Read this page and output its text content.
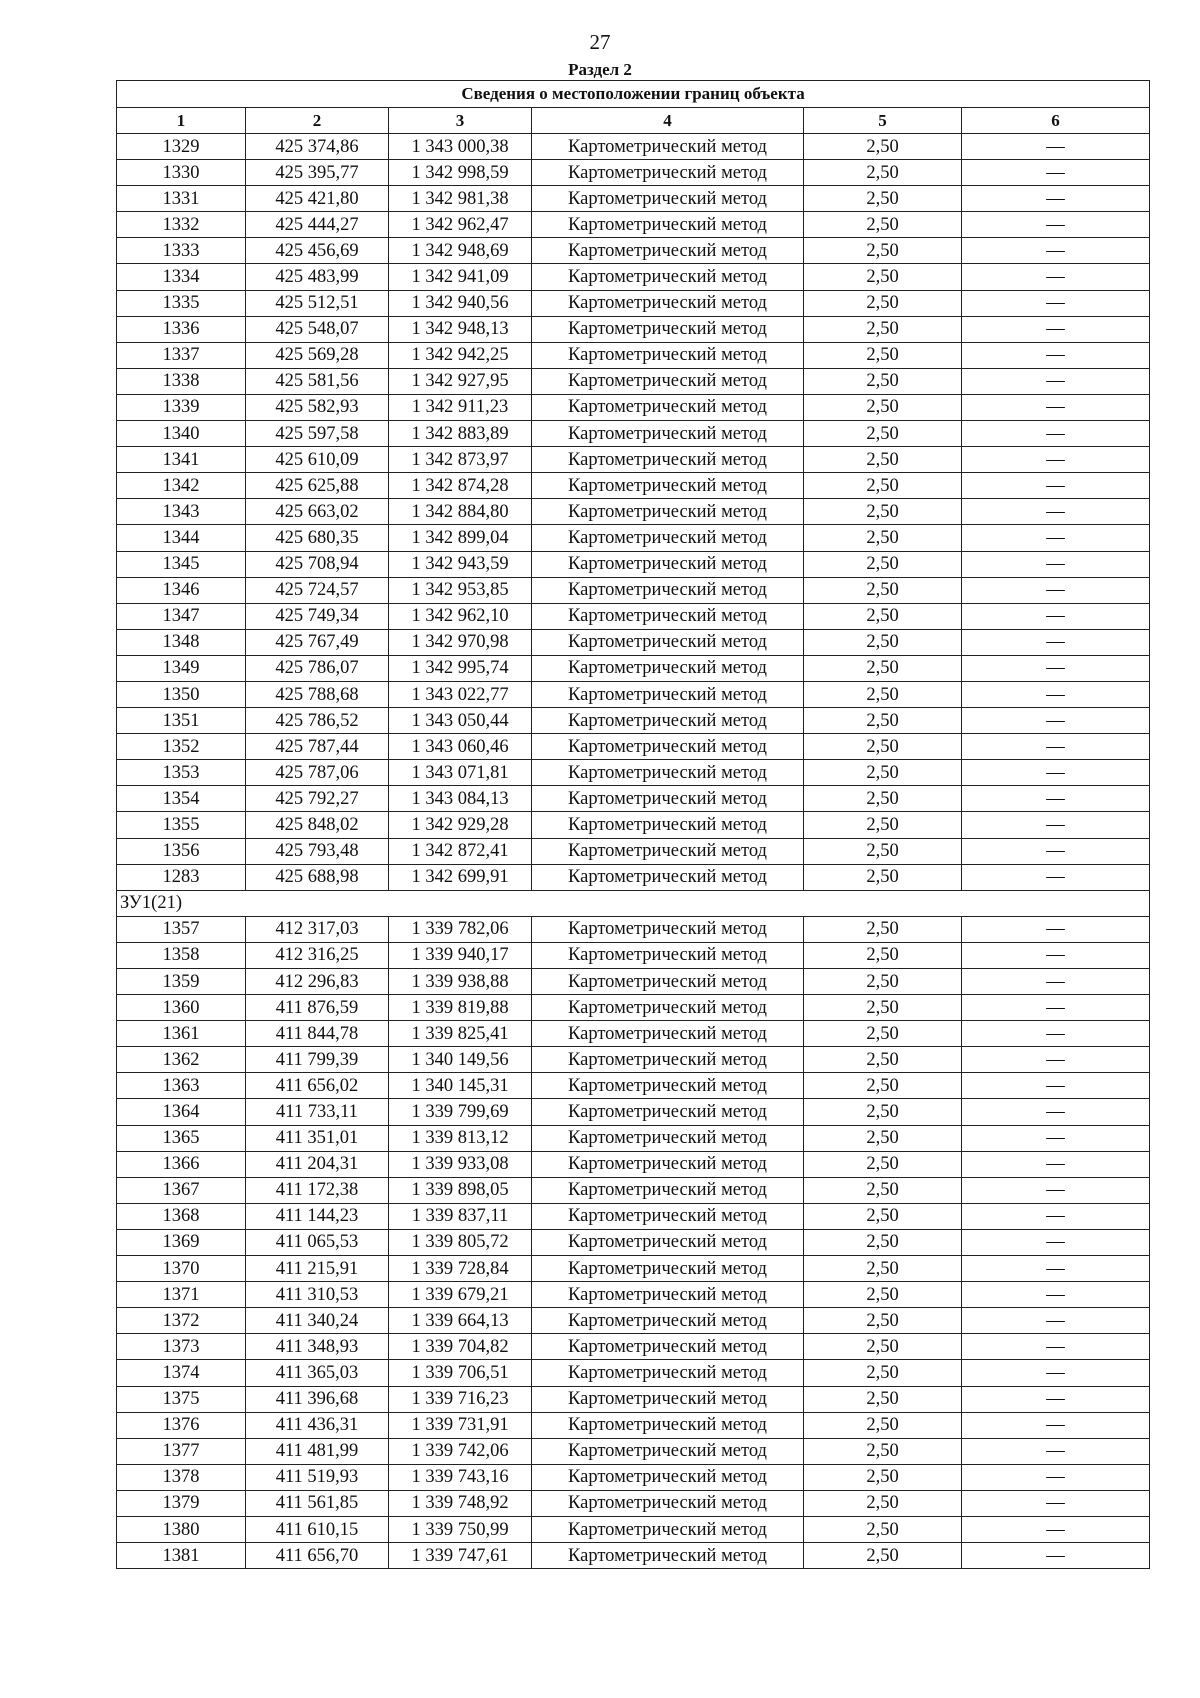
27
Раздел 2
Сведения о местоположении границ объекта					
1	2	3	4	5	6
1329	425 374,86	1 343 000,38	Картометрический метод	2,50	—
1330	425 395,77	1 342 998,59	Картометрический метод	2,50	—
1331	425 421,80	1 342 981,38	Картометрический метод	2,50	—
1332	425 444,27	1 342 962,47	Картометрический метод	2,50	—
1333	425 456,69	1 342 948,69	Картометрический метод	2,50	—
1334	425 483,99	1 342 941,09	Картометрический метод	2,50	—
1335	425 512,51	1 342 940,56	Картометрический метод	2,50	—
1336	425 548,07	1 342 948,13	Картометрический метод	2,50	—
1337	425 569,28	1 342 942,25	Картометрический метод	2,50	—
1338	425 581,56	1 342 927,95	Картометрический метод	2,50	—
1339	425 582,93	1 342 911,23	Картометрический метод	2,50	—
1340	425 597,58	1 342 883,89	Картометрический метод	2,50	—
1341	425 610,09	1 342 873,97	Картометрический метод	2,50	—
1342	425 625,88	1 342 874,28	Картометрический метод	2,50	—
1343	425 663,02	1 342 884,80	Картометрический метод	2,50	—
1344	425 680,35	1 342 899,04	Картометрический метод	2,50	—
1345	425 708,94	1 342 943,59	Картометрический метод	2,50	—
1346	425 724,57	1 342 953,85	Картометрический метод	2,50	—
1347	425 749,34	1 342 962,10	Картометрический метод	2,50	—
1348	425 767,49	1 342 970,98	Картометрический метод	2,50	—
1349	425 786,07	1 342 995,74	Картометрический метод	2,50	—
1350	425 788,68	1 343 022,77	Картометрический метод	2,50	—
1351	425 786,52	1 343 050,44	Картометрический метод	2,50	—
1352	425 787,44	1 343 060,46	Картометрический метод	2,50	—
1353	425 787,06	1 343 071,81	Картометрический метод	2,50	—
1354	425 792,27	1 343 084,13	Картометрический метод	2,50	—
1355	425 848,02	1 342 929,28	Картометрический метод	2,50	—
1356	425 793,48	1 342 872,41	Картометрический метод	2,50	—
1283	425 688,98	1 342 699,91	Картометрический метод	2,50	—
ЗУ1(21)					
1357	412 317,03	1 339 782,06	Картометрический метод	2,50	—
1358	412 316,25	1 339 940,17	Картометрический метод	2,50	—
1359	412 296,83	1 339 938,88	Картометрический метод	2,50	—
1360	411 876,59	1 339 819,88	Картометрический метод	2,50	—
1361	411 844,78	1 339 825,41	Картометрический метод	2,50	—
1362	411 799,39	1 340 149,56	Картометрический метод	2,50	—
1363	411 656,02	1 340 145,31	Картометрический метод	2,50	—
1364	411 733,11	1 339 799,69	Картометрический метод	2,50	—
1365	411 351,01	1 339 813,12	Картометрический метод	2,50	—
1366	411 204,31	1 339 933,08	Картометрический метод	2,50	—
1367	411 172,38	1 339 898,05	Картометрический метод	2,50	—
1368	411 144,23	1 339 837,11	Картометрический метод	2,50	—
1369	411 065,53	1 339 805,72	Картометрический метод	2,50	—
1370	411 215,91	1 339 728,84	Картометрический метод	2,50	—
1371	411 310,53	1 339 679,21	Картометрический метод	2,50	—
1372	411 340,24	1 339 664,13	Картометрический метод	2,50	—
1373	411 348,93	1 339 704,82	Картометрический метод	2,50	—
1374	411 365,03	1 339 706,51	Картометрический метод	2,50	—
1375	411 396,68	1 339 716,23	Картометрический метод	2,50	—
1376	411 436,31	1 339 731,91	Картометрический метод	2,50	—
1377	411 481,99	1 339 742,06	Картометрический метод	2,50	—
1378	411 519,93	1 339 743,16	Картометрический метод	2,50	—
1379	411 561,85	1 339 748,92	Картометрический метод	2,50	—
1380	411 610,15	1 339 750,99	Картометрический метод	2,50	—
1381	411 656,70	1 339 747,61	Картометрический метод	2,50	—
